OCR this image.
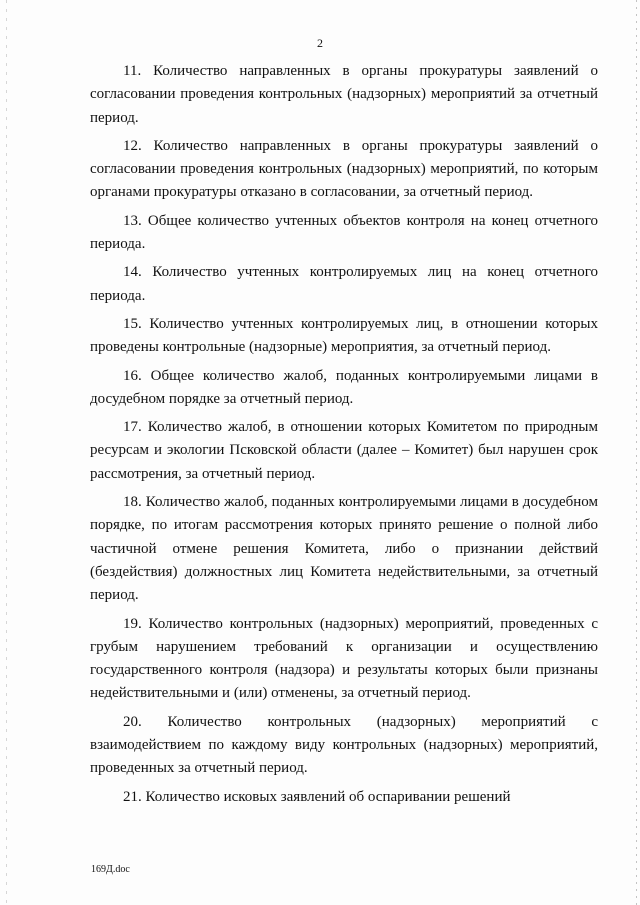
2

11. Количество направленных в органы прокуратуры заявлений о согласовании проведения контрольных (надзорных) мероприятий за отчетный период.

12. Количество направленных в органы прокуратуры заявлений о согласовании проведения контрольных (надзорных) мероприятий, по которым органами прокуратуры отказано в согласовании, за отчетный период.

13. Общее количество учтенных объектов контроля на конец отчетного периода.

14. Количество учтенных контролируемых лиц на конец отчетного периода.

15. Количество учтенных контролируемых лиц, в отношении которых проведены контрольные (надзорные) мероприятия, за отчетный период.

16. Общее количество жалоб, поданных контролируемыми лицами в досудебном порядке за отчетный период.

17. Количество жалоб, в отношении которых Комитетом по природным ресурсам и экологии Псковской области (далее – Комитет) был нарушен срок рассмотрения, за отчетный период.

18. Количество жалоб, поданных контролируемыми лицами в досудебном порядке, по итогам рассмотрения которых принято решение о полной либо частичной отмене решения Комитета, либо о признании действий (бездействия) должностных лиц Комитета недействительными, за отчетный период.

19. Количество контрольных (надзорных) мероприятий, проведенных с грубым нарушением требований к организации и осуществлению государственного контроля (надзора) и результаты которых были признаны недействительными и (или) отменены, за отчетный период.

20. Количество контрольных (надзорных) мероприятий с взаимодействием по каждому виду контрольных (надзорных) мероприятий, проведенных за отчетный период.

21. Количество исковых заявлений об оспаривании решений

169Д.doc
